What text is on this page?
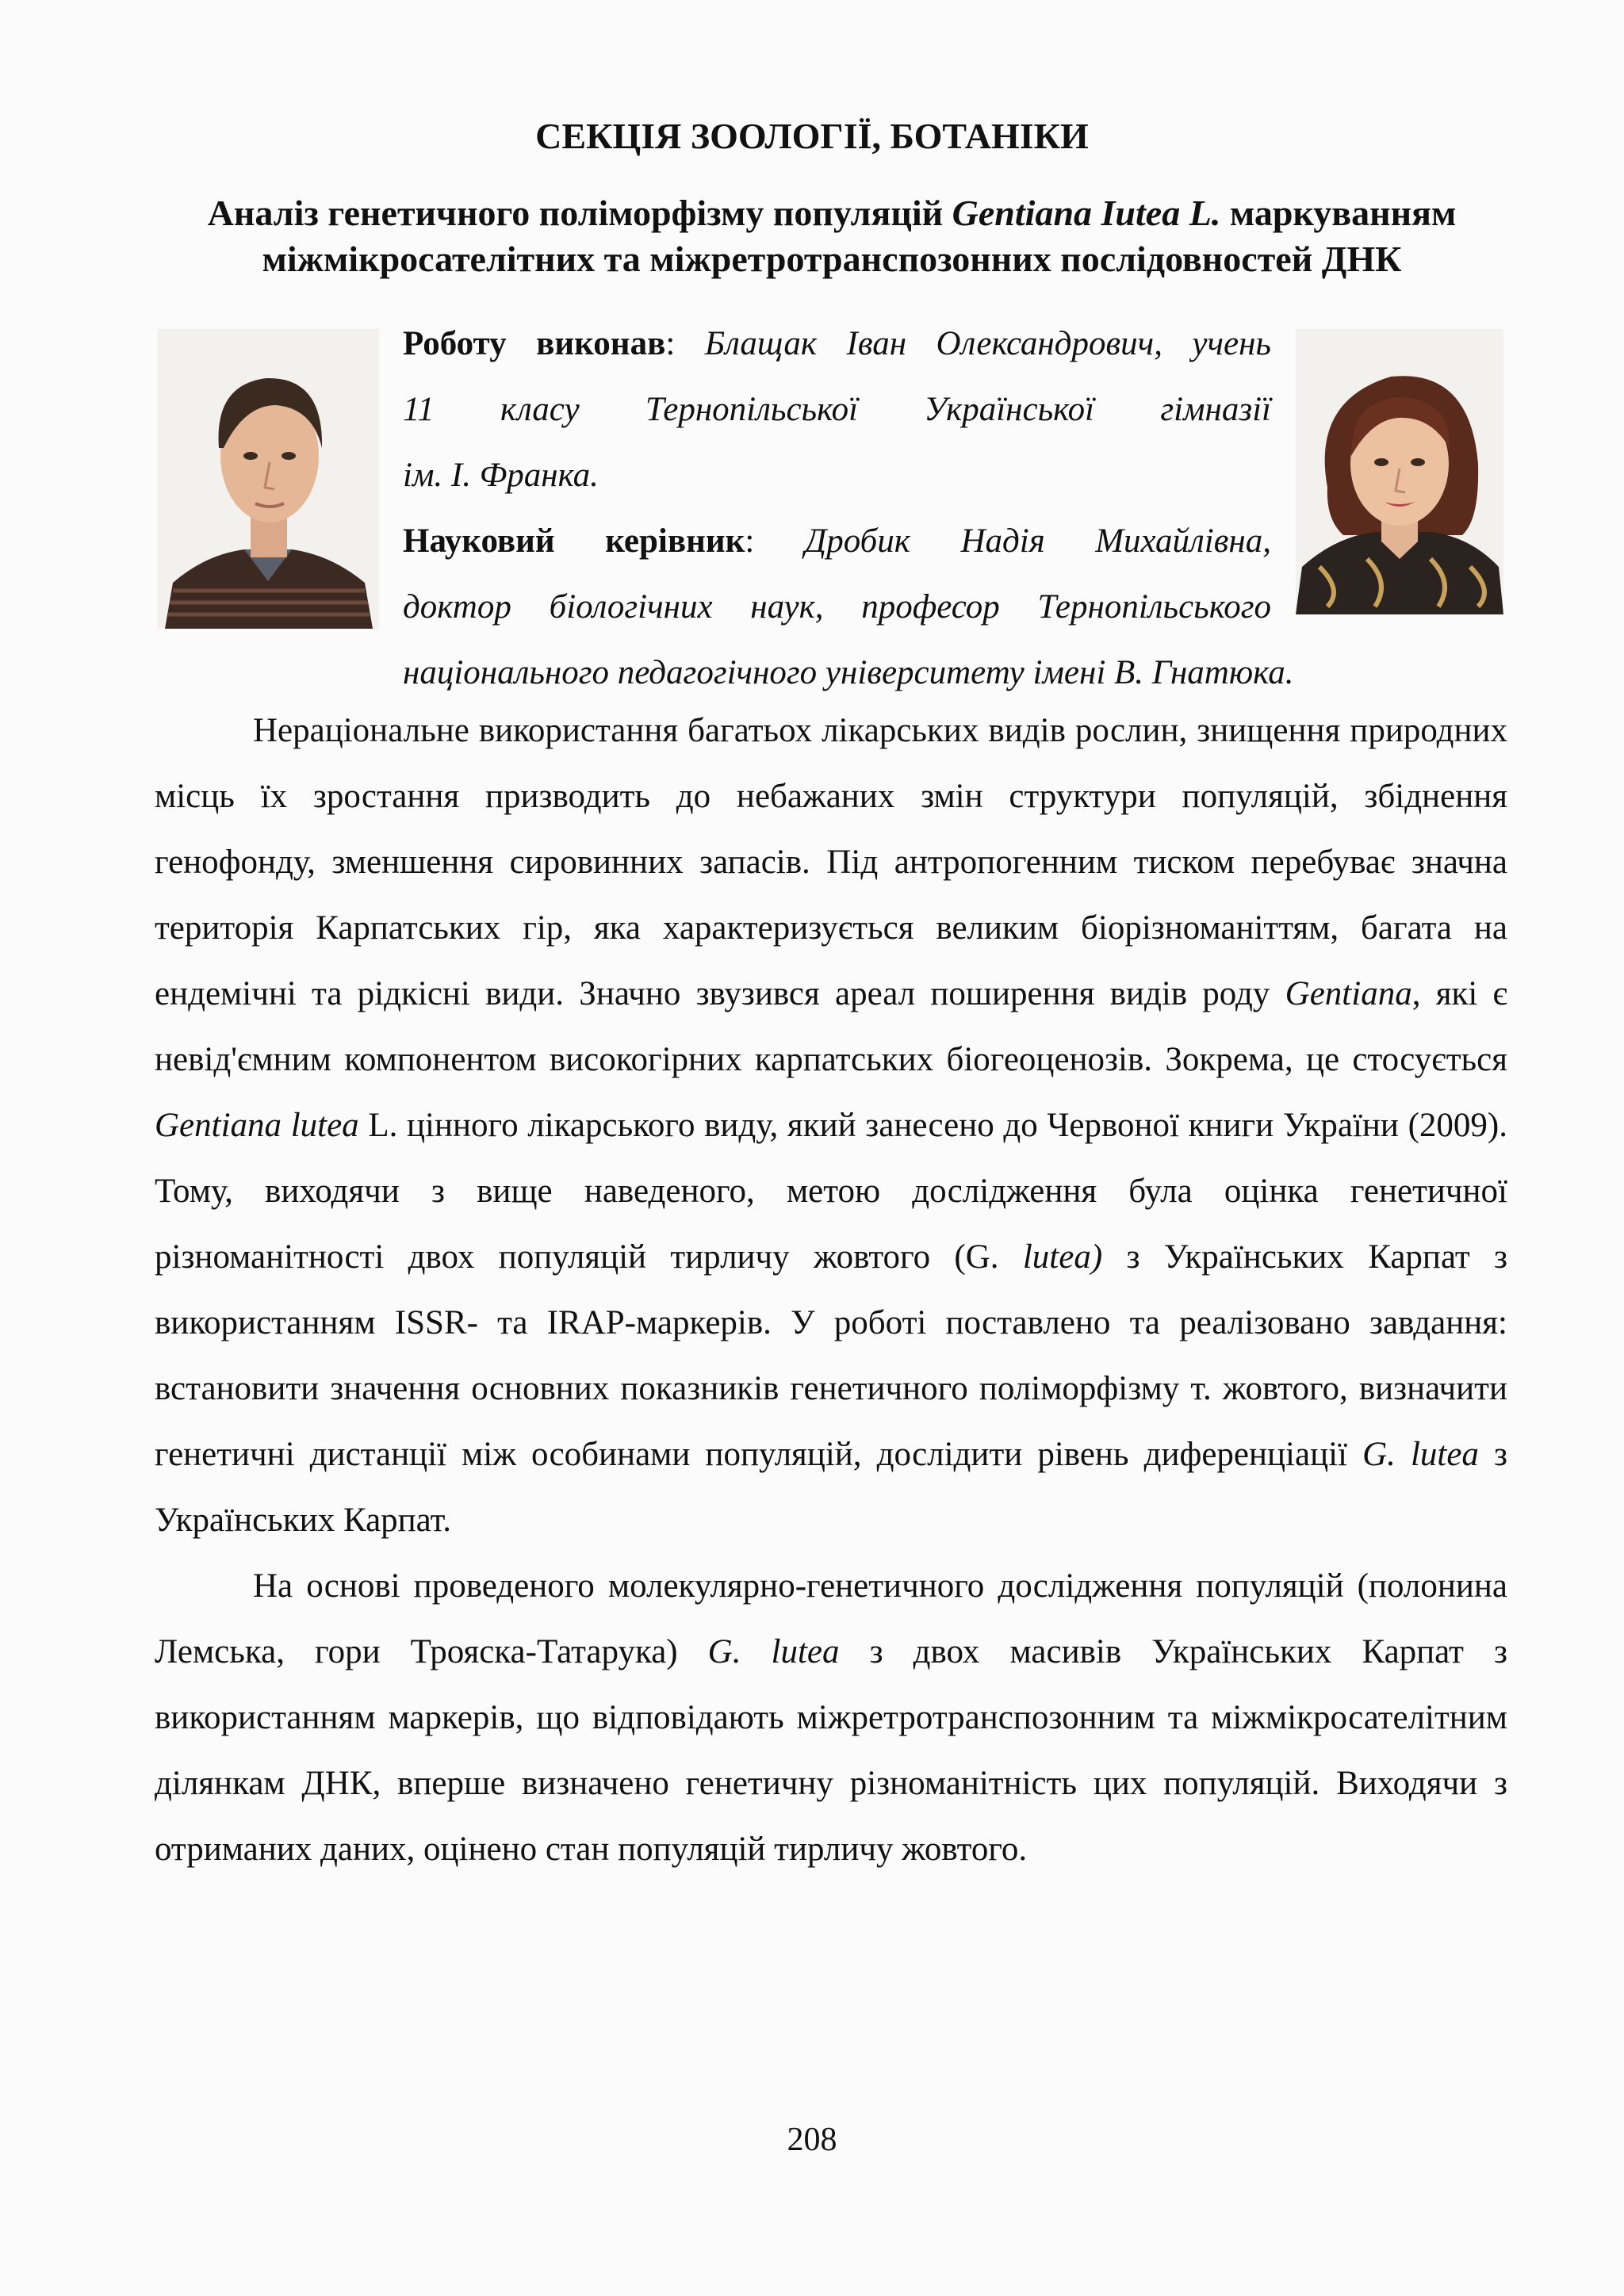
СЕКЦІЯ ЗООЛОГІЇ, БОТАНІКИ
Аналіз генетичного поліморфізму популяцій Gentiana Iutea L. маркуванням міжмікросателітних та міжретротранспозонних послідовностей ДНК
Роботу виконав: Блащак Іван Олександрович, учень
11 класу Тернопільської Української гімназії
ім. І. Франка.
Науковий керівник: Дробик Надія Михайлівна,
доктор біологічних наук, професор Тернопільського
національного педагогічного університету імені В. Гнатюка.

Нераціональне використання багатьох лікарських видів рослин, знищення природних місць їх зростання призводить до небажаних змін структури популяцій, збіднення генофонду, зменшення сировинних запасів. Під антропогенним тиском перебуває значна територія Карпатських гір, яка характеризується великим біорізноманіттям, багата на ендемічні та рідкісні види. Значно звузився ареал поширення видів роду Gentiana, які є невід'ємним компонентом високогірних карпатських біогеоценозів. Зокрема, це стосується Gentiana lutea L. цінного лікарського виду, який занесено до Червоної книги України (2009). Тому, виходячи з вище наведеного, метою дослідження була оцінка генетичної різноманітності двох популяцій тирличу жовтого (G. lutea) з Українських Карпат з використанням ISSR- та IRAP-маркерів. У роботі поставлено та реалізовано завдання: встановити значення основних показників генетичного поліморфізму т. жовтого, визначити генетичні дистанції між особинами популяцій, дослідити рівень диференціації G. lutea з Українських Карпат.

На основі проведеного молекулярно-генетичного дослідження популяцій (полонина Лемська, гори Трояска-Татарука) G. lutea з двох масивів Українських Карпат з використанням маркерів, що відповідають міжретротранспозонним та міжмікросателітним ділянкам ДНК, вперше визначено генетичну різноманітність цих популяцій. Виходячи з отриманих даних, оцінено стан популяцій тирличу жовтого.

208
